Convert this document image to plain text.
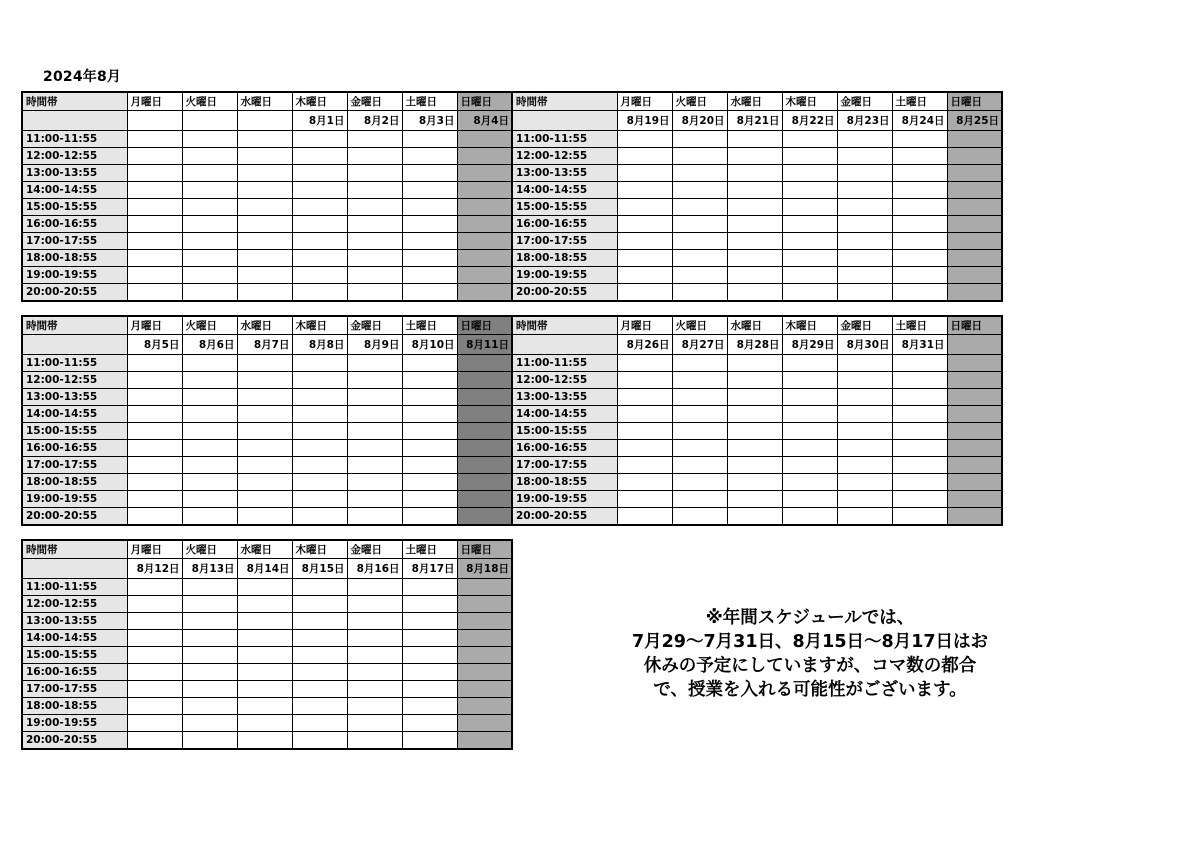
2024年8月
時間帯	月曜日	火曜日	水曜日	木曜日	金曜日	土曜日	日曜日
				8月1日	8月2日	8月3日	8月4日
11:00-11:55							
12:00-12:55							
13:00-13:55							
14:00-14:55							
15:00-15:55							
16:00-16:55							
17:00-17:55							
18:00-18:55							
19:00-19:55							
20:00-20:55							
時間帯	月曜日	火曜日	水曜日	木曜日	金曜日	土曜日	日曜日
	8月19日	8月20日	8月21日	8月22日	8月23日	8月24日	8月25日
11:00-11:55							
12:00-12:55							
13:00-13:55							
14:00-14:55							
15:00-15:55							
16:00-16:55							
17:00-17:55							
18:00-18:55							
19:00-19:55							
20:00-20:55							
時間帯	月曜日	火曜日	水曜日	木曜日	金曜日	土曜日	日曜日
	8月5日	8月6日	8月7日	8月8日	8月9日	8月10日	8月11日
11:00-11:55							
12:00-12:55							
13:00-13:55							
14:00-14:55							
15:00-15:55							
16:00-16:55							
17:00-17:55							
18:00-18:55							
19:00-19:55							
20:00-20:55							
時間帯	月曜日	火曜日	水曜日	木曜日	金曜日	土曜日	日曜日
	8月26日	8月27日	8月28日	8月29日	8月30日	8月31日	
11:00-11:55							
12:00-12:55							
13:00-13:55							
14:00-14:55							
15:00-15:55							
16:00-16:55							
17:00-17:55							
18:00-18:55							
19:00-19:55							
20:00-20:55							
時間帯	月曜日	火曜日	水曜日	木曜日	金曜日	土曜日	日曜日
	8月12日	8月13日	8月14日	8月15日	8月16日	8月17日	8月18日
11:00-11:55							
12:00-12:55							
13:00-13:55							
14:00-14:55							
15:00-15:55							
16:00-16:55							
17:00-17:55							
18:00-18:55							
19:00-19:55							
20:00-20:55							
※年間スケジュールでは、
7月29～7月31日、8月15日～8月17日はお
休みの予定にしていますが、コマ数の都合
で、授業を入れる可能性がございます。
